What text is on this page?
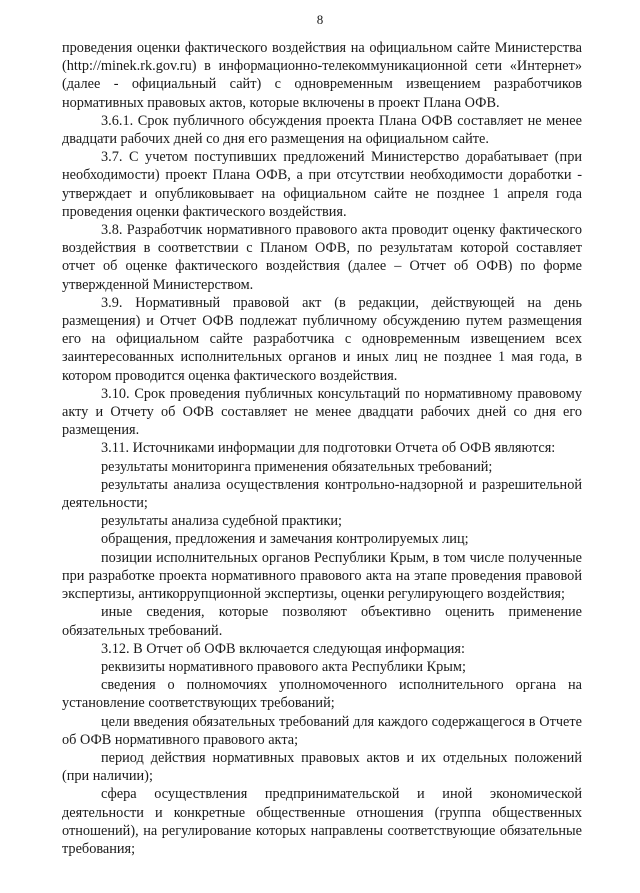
8

проведения оценки фактического воздействия на официальном сайте Министерства (http://minek.rk.gov.ru) в информационно-телекоммуникационной сети «Интернет» (далее - официальный сайт) с одновременным извещением разработчиков нормативных правовых актов, которые включены в проект Плана ОФВ.

3.6.1. Срок публичного обсуждения проекта Плана ОФВ составляет не менее двадцати рабочих дней со дня его размещения на официальном сайте.

3.7. С учетом поступивших предложений Министерство дорабатывает (при необходимости) проект Плана ОФВ, а при отсутствии необходимости доработки - утверждает и опубликовывает на официальном сайте не позднее 1 апреля года проведения оценки фактического воздействия.

3.8. Разработчик нормативного правового акта проводит оценку фактического воздействия в соответствии с Планом ОФВ, по результатам которой составляет отчет об оценке фактического воздействия (далее – Отчет об ОФВ) по форме утвержденной Министерством.

3.9. Нормативный правовой акт (в редакции, действующей на день размещения) и Отчет ОФВ подлежат публичному обсуждению путем размещения его на официальном сайте разработчика с одновременным извещением всех заинтересованных исполнительных органов и иных лиц не позднее 1 мая года, в котором проводится оценка фактического воздействия.

3.10. Срок проведения публичных консультаций по нормативному правовому акту и Отчету об ОФВ составляет не менее двадцати рабочих дней со дня его размещения.

3.11. Источниками информации для подготовки Отчета об ОФВ являются:

результаты мониторинга применения обязательных требований;

результаты анализа осуществления контрольно-надзорной и разрешительной деятельности;

результаты анализа судебной практики;

обращения, предложения и замечания контролируемых лиц;

позиции исполнительных органов Республики Крым, в том числе полученные при разработке проекта нормативного правового акта на этапе проведения правовой экспертизы, антикоррупционной экспертизы, оценки регулирующего воздействия;

иные сведения, которые позволяют объективно оценить применение обязательных требований.

3.12. В Отчет об ОФВ включается следующая информация:

реквизиты нормативного правового акта Республики Крым;

сведения о полномочиях уполномоченного исполнительного органа на установление соответствующих требований;

цели введения обязательных требований для каждого содержащегося в Отчете об ОФВ нормативного правового акта;

период действия нормативных правовых актов и их отдельных положений (при наличии);

сфера осуществления предпринимательской и иной экономической деятельности и конкретные общественные отношения (группа общественных отношений), на регулирование которых направлены соответствующие обязательные требования;
